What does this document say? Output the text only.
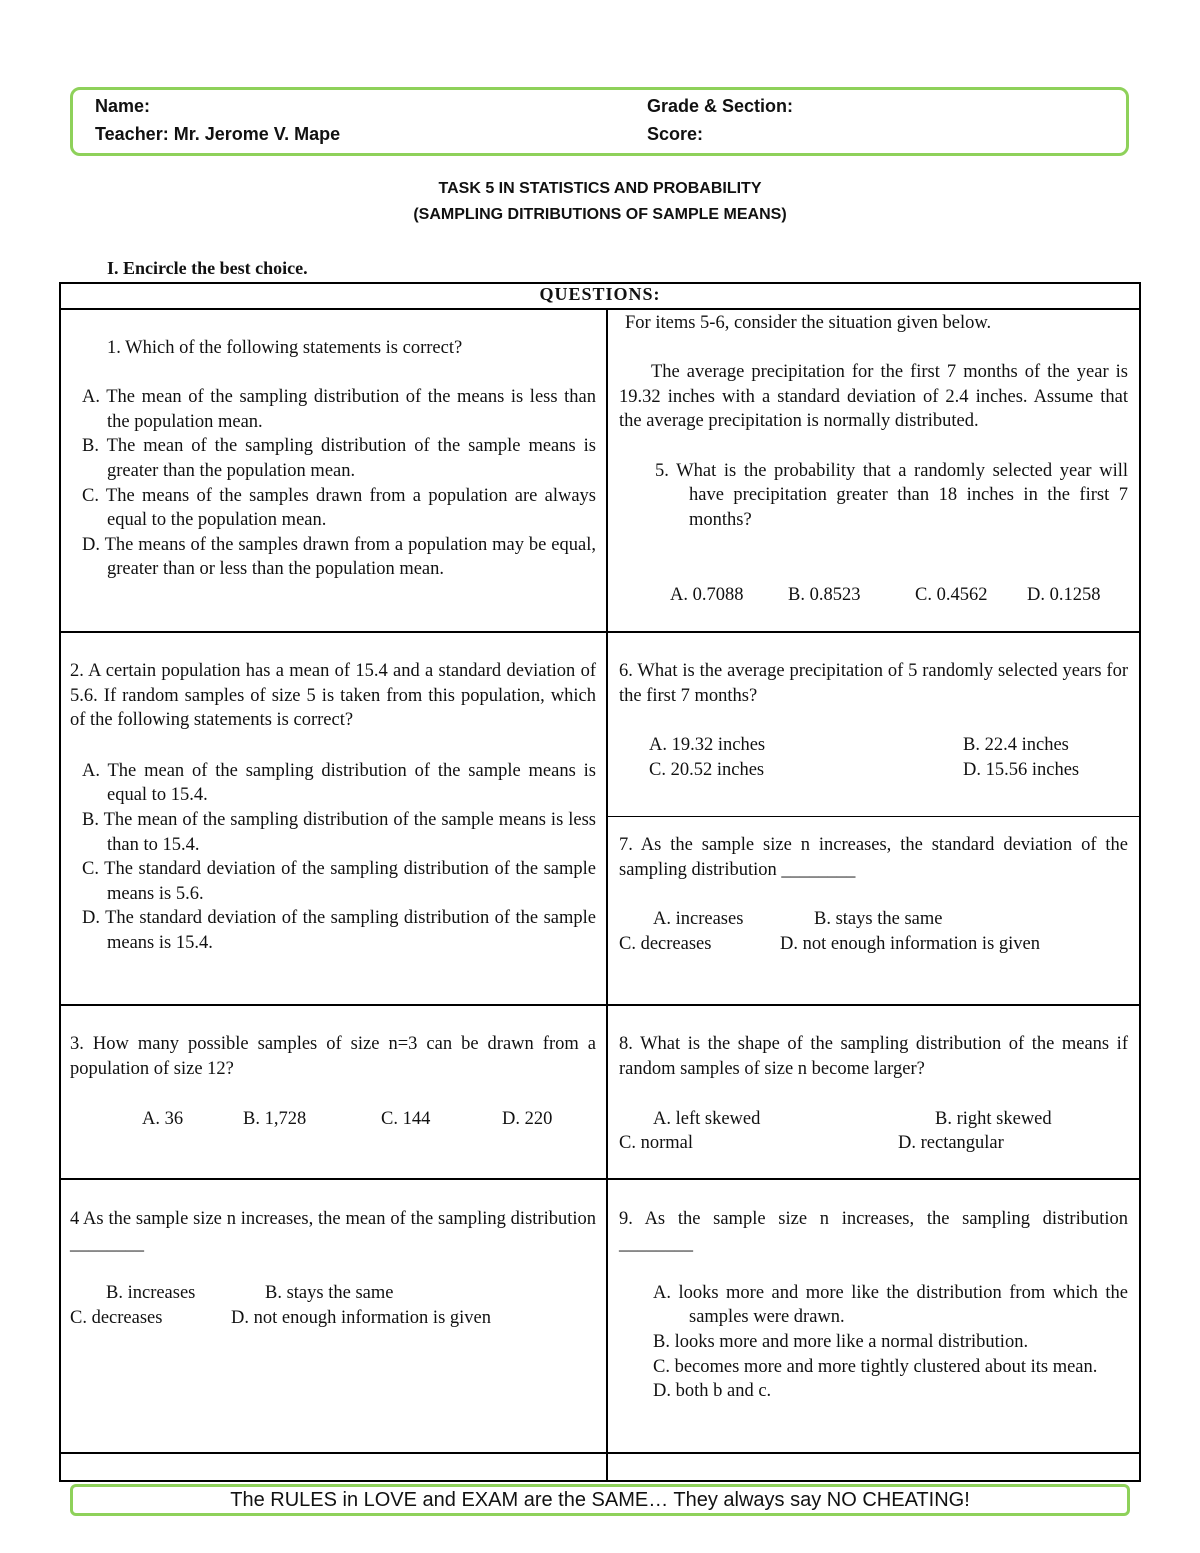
Name:	Grade & Section:
Teacher: Mr. Jerome V. Mape	Score:
TASK 5 IN STATISTICS AND PROBABILITY
(SAMPLING DITRIBUTIONS OF SAMPLE MEANS)
I. Encircle the best choice.
QUESTIONS:

1. Which of the following statements is correct?

A. The mean of the sampling distribution of the means is less than the population mean.

B. The mean of the sampling distribution of the sample means is greater than the population mean.

C. The means of the samples drawn from a population are always equal to the population mean.

D. The means of the samples drawn from a population may be equal, greater than or less than the population mean.

For items 5-6, consider the situation given below.

The average precipitation for the first 7 months of the year is 19.32 inches with a standard deviation of 2.4 inches. Assume that the average precipitation is normally distributed.

5. What is the probability that a randomly selected year will have precipitation greater than 18 inches in the first 7 months?

A. 0.7088 B. 0.8523	C. 0.4562 D. 0.1258

2. A certain population has a mean of 15.4 and a standard deviation of 5.6. If random samples of size 5 is taken from this population, which of the following statements is correct?

A. The mean of the sampling distribution of the sample means is equal to 15.4.

B. The mean of the sampling distribution of the sample means is less than to 15.4.

C. The standard deviation of the sampling distribution of the sample means is 5.6.

D. The standard deviation of the sampling distribution of the sample means is 15.4.

6. What is the average precipitation of 5 randomly selected years for the first 7 months?

A. 19.32 inches	B. 22.4 inches
C. 20.52 inches	D. 15.56 inches

7. As the sample size n increases, the standard deviation of the sampling distribution ________

A. increases	B. stays the same
C. decreases	D. not enough information is given

3. How many possible samples of size n=3 can be drawn from a population of size 12?

A. 36	B. 1,728	C. 144	D. 220

8. What is the shape of the sampling distribution of the means if random samples of size n become larger?

A. left skewed	B. right skewed
C. normal	D. rectangular

4 As the sample size n increases, the mean of the sampling distribution ________

B. increases	B. stays the same
C. decreases	D. not enough information is given

9. As the sample size n increases, the sampling distribution ________

A. looks more and more like the distribution from which the samples were drawn.

B. looks more and more like a normal distribution.

C. becomes more and more tightly clustered about its mean.

D. both b and c.

The RULES in LOVE and EXAM are the SAME… They always say NO CHEATING!
